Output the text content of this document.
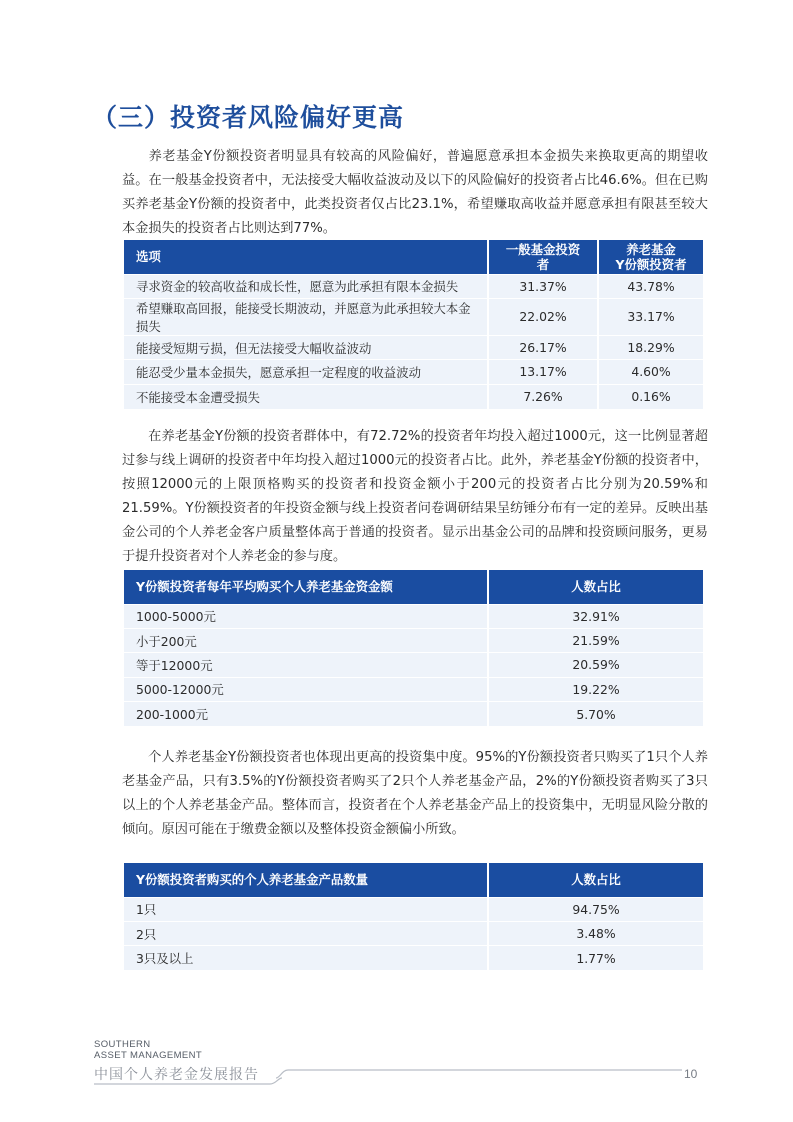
（三）投资者风险偏好更高

养老基金Y份额投资者明显具有较高的风险偏好，普遍愿意承担本金损失来换取更高的期望收益。在一般基金投资者中，无法接受大幅收益波动及以下的风险偏好的投资者占比46.6%。但在已购买养老基金Y份额的投资者中，此类投资者仅占比23.1%，希望赚取高收益并愿意承担有限甚至较大本金损失的投资者占比则达到77%。

选项	一般基金投资者	养老基金
Y份额投资者
寻求资金的较高收益和成长性，愿意为此承担有限本金损失	31.37%	43.78%
希望赚取高回报，能接受长期波动，并愿意为此承担较大本金损失	22.02%	33.17%
能接受短期亏损，但无法接受大幅收益波动	26.17%	18.29%
能忍受少量本金损失，愿意承担一定程度的收益波动	13.17%	4.60%
不能接受本金遭受损失	7.26%	0.16%

在养老基金Y份额的投资者群体中，有72.72%的投资者年均投入超过1000元，这一比例显著超过参与线上调研的投资者中年均投入超过1000元的投资者占比。此外，养老基金Y份额的投资者中，按照12000元的上限顶格购买的投资者和投资金额小于200元的投资者占比分别为20.59%和21.59%。Y份额投资者的年投资金额与线上投资者问卷调研结果呈纺锤分布有一定的差异。反映出基金公司的个人养老金客户质量整体高于普通的投资者。显示出基金公司的品牌和投资顾问服务，更易于提升投资者对个人养老金的参与度。

Y份额投资者每年平均购买个人养老基金资金额	人数占比
1000-5000元	32.91%
小于200元	21.59%
等于12000元	20.59%
5000-12000元	19.22%
200-1000元	5.70%

个人养老基金Y份额投资者也体现出更高的投资集中度。95%的Y份额投资者只购买了1只个人养老基金产品，只有3.5%的Y份额投资者购买了2只个人养老基金产品，2%的Y份额投资者购买了3只以上的个人养老基金产品。整体而言，投资者在个人养老基金产品上的投资集中，无明显风险分散的倾向。原因可能在于缴费金额以及整体投资金额偏小所致。

Y份额投资者购买的个人养老基金产品数量	人数占比
1只	94.75%
2只	3.48%
3只及以上	1.77%
SOUTHERN
ASSET MANAGEMENT
中国个人养老金发展报告	10
